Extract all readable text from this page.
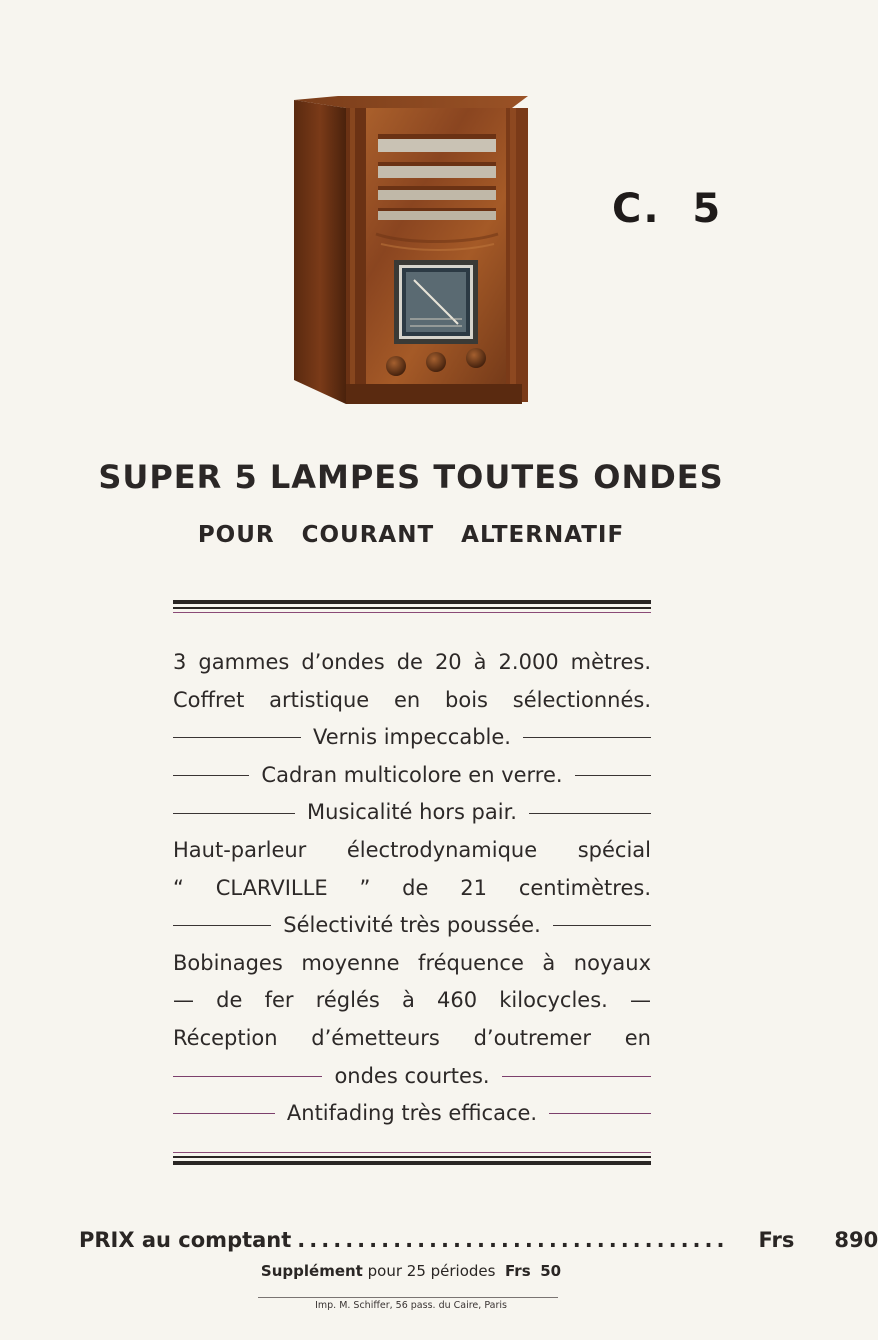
C.  5
SUPER 5 LAMPES TOUTES ONDES
POUR COURANT ALTERNATIF
3 gammes d’ondes de 20 à 2.000 mètres.
Coffret artistique en bois sélectionnés.
Vernis impeccable.
Cadran multicolore en verre.
Musicalité hors pair.
Haut-parleur électrodynamique spécial
“ CLARVILLE ” de 21 centimètres.
Sélectivité très poussée.
Bobinages moyenne fréquence à noyaux
— de fer réglés à 460 kilocycles. —
Réception d’émetteurs d’outremer en
ondes courtes.
Antifading très efficace.
PRIX au comptant .................................... Frs 890
Supplément pour 25 périodes Frs 50
Imp. M. Schiffer, 56 pass. du Caire, Paris
